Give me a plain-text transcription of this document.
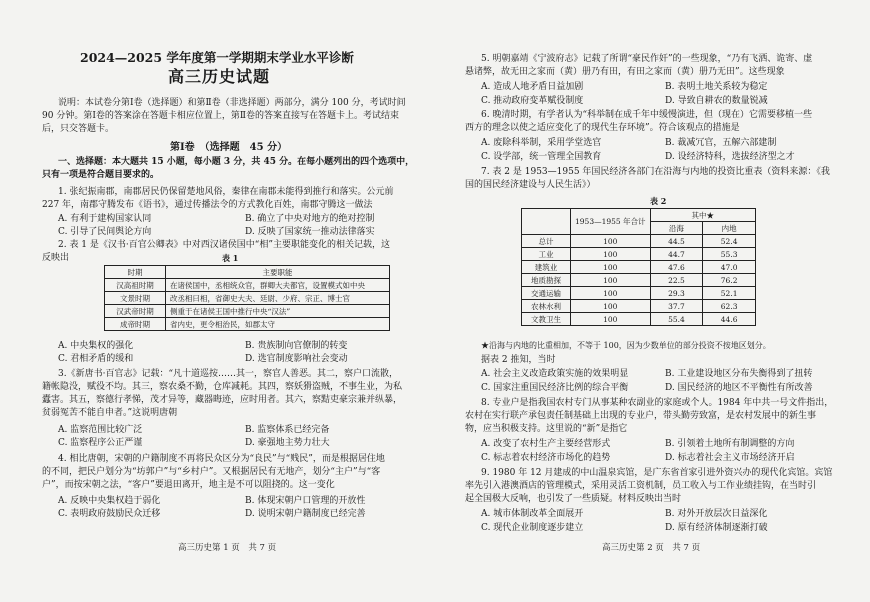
2024—2025 学年度第一学期期末学业水平诊断
高三历史试题
说明：本试卷分第Ⅰ卷（选择题）和第Ⅱ卷（非选择题）两部分，满分 100 分，考试时间
90 分钟。第Ⅰ卷的答案涂在答题卡相应位置上，第Ⅱ卷的答案直接写在答题卡上。考试结束
后，只交答题卡。
第Ⅰ卷　（选择题　45 分）
一、选择题：本大题共 15 小题，每小题 3 分，共 45 分。在每小题列出的四个选项中，
只有一项是符合题目要求的。
1. 张纪振南郡，南郡居民仍保留楚地风俗，秦律在南郡未能得到推行和落实。公元前
227 年，南郡守腾发布《语书》，通过传播法令的方式教化百姓，南郡守腾这一做法
A. 有利于建构国家认同	B. 确立了中央对地方的绝对控制
C. 引导了民间舆论方向	D. 反映了国家统一推动法律落实
2. 表 1 是《汉书·百官公卿表》中对西汉诸侯国中“相”主要职能变化的相关记载，这
反映出	表 1
时期	主要职能
汉高祖时期	在诸侯国中，丞相统众官，群卿大夫都官，设置模式如中央
文景时期	改丞相曰相，省御史大夫、廷尉、少府、宗正、博士官
汉武帝时期	侧重于在诸侯王国中推行中央“汉法”
成帝时期	省内史，更令相治民，如郡太守
A. 中央集权的强化	B. 贵族制向官僚制的转变
C. 君相矛盾的缓和	D. 选官制度影响社会变动
3.《新唐书·百官志》记载：“凡十道巡按……其一，察官人善恶。其二，察户口流散，
籍帐隐没，赋役不均。其三，察农桑不勤，仓库减耗。其四，察妖猾盗贼，不事生业，为私
蠹害。其五，察德行孝悌，茂才异等，藏器晦迹，应时用者。其六，察黠吏豪宗兼并纵暴，
贫弱冤苦不能自申者。”这说明唐朝
A. 监察范围比较广泛	B. 监察体系已经完备
C. 监察程序公正严谨	D. 豪强地主势力壮大
4. 相比唐朝，宋朝的户籍制度不再将民众区分为“良民”与“贱民”，而是根据居住地
的不同，把民户划分为“坊郭户”与“乡村户”。又根据居民有无地产，划分“主户”与“客
户”，而按宋朝之法，“客户”要退田离开，地主是不可以阻挠的。这一变化
A. 反映中央集权趋于弱化	B. 体现宋朝户口管理的开放性
C. 表明政府鼓励民众迁移	D. 说明宋朝户籍制度已经完善
高三历史第 1 页　共 7 页
5. 明朝嘉靖《宁波府志》记载了所谓“豪民作奸”的一些现象，“乃有飞洒、诡寄、虚
悬诸弊，故无田之家而（黄）册乃有田，有田之家而（黄）册乃无田”。这些现象
A. 造成人地矛盾日益加剧	B. 表明土地关系较为稳定
C. 推动政府变革赋役制度	D. 导致自耕农的数量锐减
6. 晚清时期，有学者认为“科举制在成千年中缓慢演进，但（现在）它需要移植一些
西方的理念以使之适应变化了的现代生存环境”。符合该观点的措施是
A. 废除科举制，采用学堂选官	B. 裁减冗官，五解六部建制
C. 设学部，统一管理全国教育	D. 设经济特科，选拔经济型之才
7. 表 2 是 1953—1955 年国民经济各部门在沿海与内地的投资比重表（资料来源：《我
国的国民经济建设与人民生活》）
表 2
	1953—1955 年合计	其中★	
		沿海	内地
总计	100	44.5	52.4
工业	100	44.7	55.3
建筑业	100	47.6	47.0
地质勘探	100	22.5	76.2
交通运输	100	29.3	52.1
农林水利	100	37.7	62.3
文教卫生	100	55.4	44.6
★沿海与内地的比重相加，不等于 100，因为少数单位的部分投资不按地区划分。
据表 2 推知，当时
A. 社会主义改造政策实施的效果明显	B. 工业建设地区分布失衡得到了扭转
C. 国家注重国民经济比例的综合平衡	D. 国民经济的地区不平衡性有所改善
8. 专业户是指我国农村专门从事某种农副业的家庭或个人。1984 年中共一号文件指出，
农村在实行联产承包责任制基础上出现的专业户，带头勤劳致富，是农村发展中的新生事
物，应当积极支持。这里说的“新”是指它
A. 改变了农村生产主要经营形式	B. 引领着土地所有制调整的方向
C. 标志着农村经济市场化的趋势	D. 标志着社会主义市场经济开启
9. 1980 年 12 月建成的中山温泉宾馆，是广东省首家引进外资兴办的现代化宾馆。宾馆
率先引入港澳酒店的管理模式，采用灵活工资机制，员工收入与工作业绩挂钩，在当时引
起全国极大反响，也引发了一些质疑。材料反映出当时
A. 城市体制改革全面展开	B. 对外开放层次日益深化
C. 现代企业制度逐步建立	D. 原有经济体制逐渐打破
高三历史第 2 页　共 7 页
